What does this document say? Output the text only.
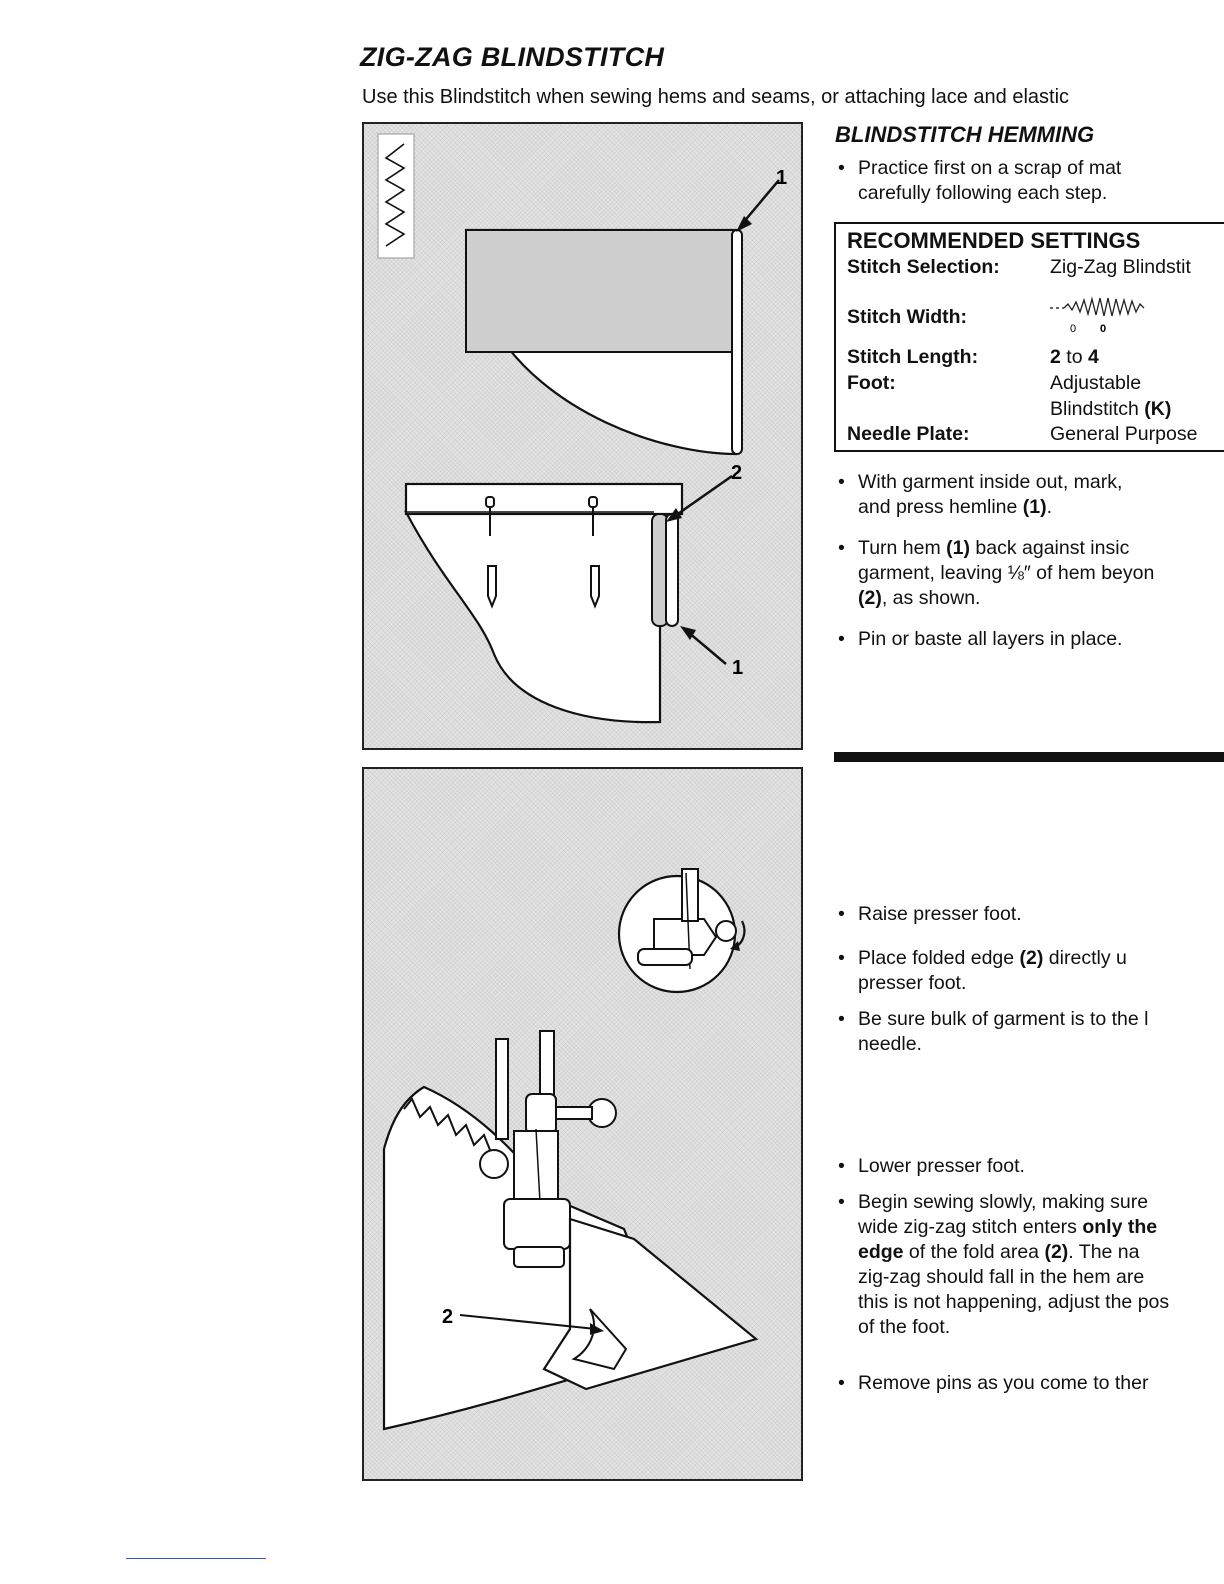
ZIG-ZAG BLINDSTITCH

Use this Blindstitch when sewing hems and seams, or attaching lace and elastic

1
2
1
2
BLINDSTITCH HEMMING
• Practice first on a scrap of mat
carefully following each step.
RECOMMENDED SETTINGS
Stitch Selection:	Zig-Zag Blindstit
Stitch Width:
0 0
Stitch Length:	2 to 4
Foot:	Adjustable
Blindstitch (K)
Needle Plate:	General Purpose
• With garment inside out, mark,
and press hemline (1).
• Turn hem (1) back against insic
garment, leaving ⅛″ of hem beyon
(2), as shown.
• Pin or baste all layers in place.
• Raise presser foot.
• Place folded edge (2) directly u
presser foot.
• Be sure bulk of garment is to the l
needle.
• Lower presser foot.
• Begin sewing slowly, making sure
wide zig-zag stitch enters only the
edge of the fold area (2). The na
zig-zag should fall in the hem are
this is not happening, adjust the pos
of the foot.
• Remove pins as you come to ther
